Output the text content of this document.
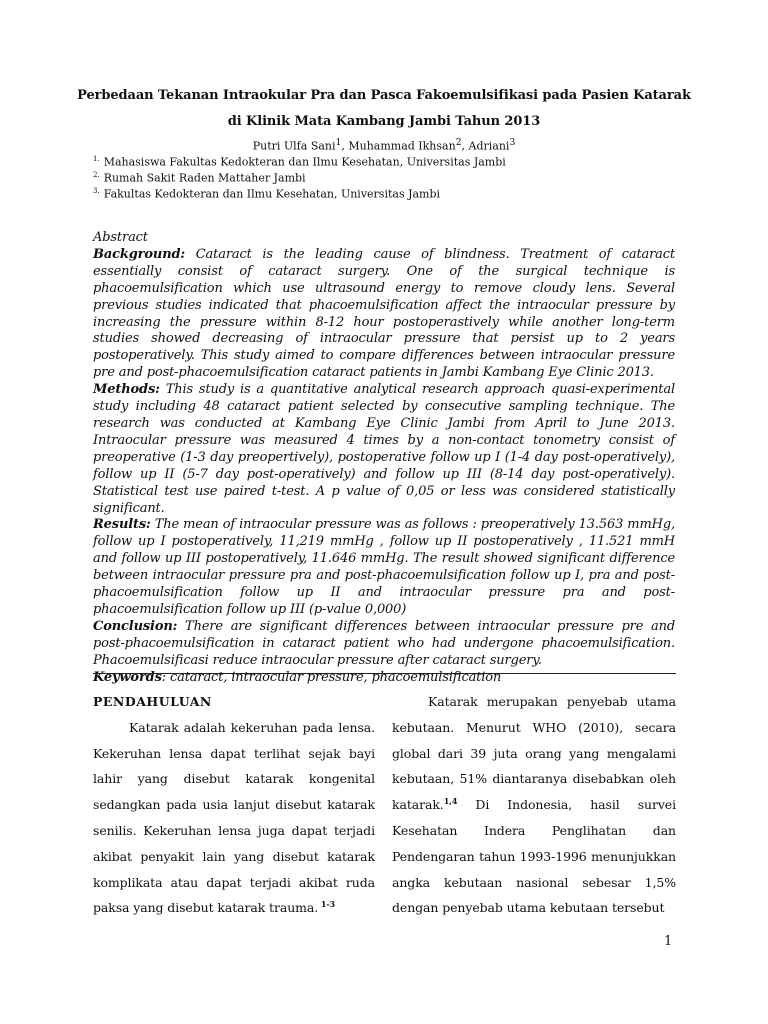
Perbedaan Tekanan Intraokular Pra dan Pasca Fakoemulsifikasi pada Pasien Katarak
di Klinik Mata Kambang Jambi Tahun 2013
Putri Ulfa Sani$^1$, Muhammad Ikhsan$^2$, Adriani$^3$
$^{1.}$ Mahasiswa Fakultas Kedokteran dan Ilmu Kesehatan, Universitas Jambi
$^{2.}$ Rumah Sakit Raden Mattaher Jambi
$^{3.}$ Fakultas Kedokteran dan Ilmu Kesehatan, Universitas Jambi

Abstract

Background: Cataract is the leading cause of blindness. Treatment of cataract essentially consist of cataract surgery. One of the surgical technique is phacoemulsification which use ultrasound energy to remove cloudy lens. Several previous studies indicated that phacoemulsification affect the intraocular pressure by increasing the pressure within 8-12 hour postoperastively while another long-term studies showed decreasing of intraocular pressure that persist up to 2 years postoperatively. This study aimed to compare differences between intraocular pressure pre and post-phacoemulsification cataract patients in Jambi Kambang Eye Clinic 2013.

Methods: This study is a quantitative analytical research approach quasi-experimental study including 48 cataract patient selected by consecutive sampling technique. The research was conducted at Kambang Eye Clinic Jambi from April to June 2013. Intraocular pressure was measured 4 times by a non-contact tonometry consist of preoperative (1-3 day preopertively), postoperative follow up I (1-4 day post-operatively), follow up II (5-7 day post-operatively) and follow up III (8-14 day post-operatively). Statistical test use paired t-test. A p value of 0,05 or less was considered statistically significant.

Results: The mean of intraocular pressure was as follows : preoperatively 13.563 mmHg, follow up I postoperatively, 11,219 mmHg , follow up II postoperatively , 11.521 mmH and follow up III postoperatively, 11.646 mmHg. The result showed significant difference between intraocular pressure pra and post-phacoemulsification follow up I, pra and post-phacoemulsification follow up II and intraocular pressure pra and post-phacoemulsification follow up III (p-value 0,000)

Conclusion: There are significant differences between intraocular pressure pre and post-phacoemulsification in cataract patient who had undergone phacoemulsification. Phacoemulsificasi reduce intraocular pressure after cataract surgery.

Keywords: cataract, intraocular pressure, phacoemulsification

PENDAHULUAN

Katarak adalah kekeruhan pada lensa. Kekeruhan lensa dapat terlihat sejak bayi lahir yang disebut katarak kongenital sedangkan pada usia lanjut disebut katarak senilis. Kekeruhan lensa juga dapat terjadi akibat penyakit lain yang disebut katarak komplikata atau dapat terjadi akibat ruda paksa yang disebut katarak trauma. $^{1-3}$

Katarak merupakan penyebab utama kebutaan. Menurut WHO (2010), secara global dari 39 juta orang yang mengalami kebutaan, 51% diantaranya disebabkan oleh katarak.$^{1,4}$ Di Indonesia, hasil survei Kesehatan Indera Penglihatan dan Pendengaran tahun 1993-1996 menunjukkan angka kebutaan nasional sebesar 1,5% dengan penyebab utama kebutaan tersebut

1
